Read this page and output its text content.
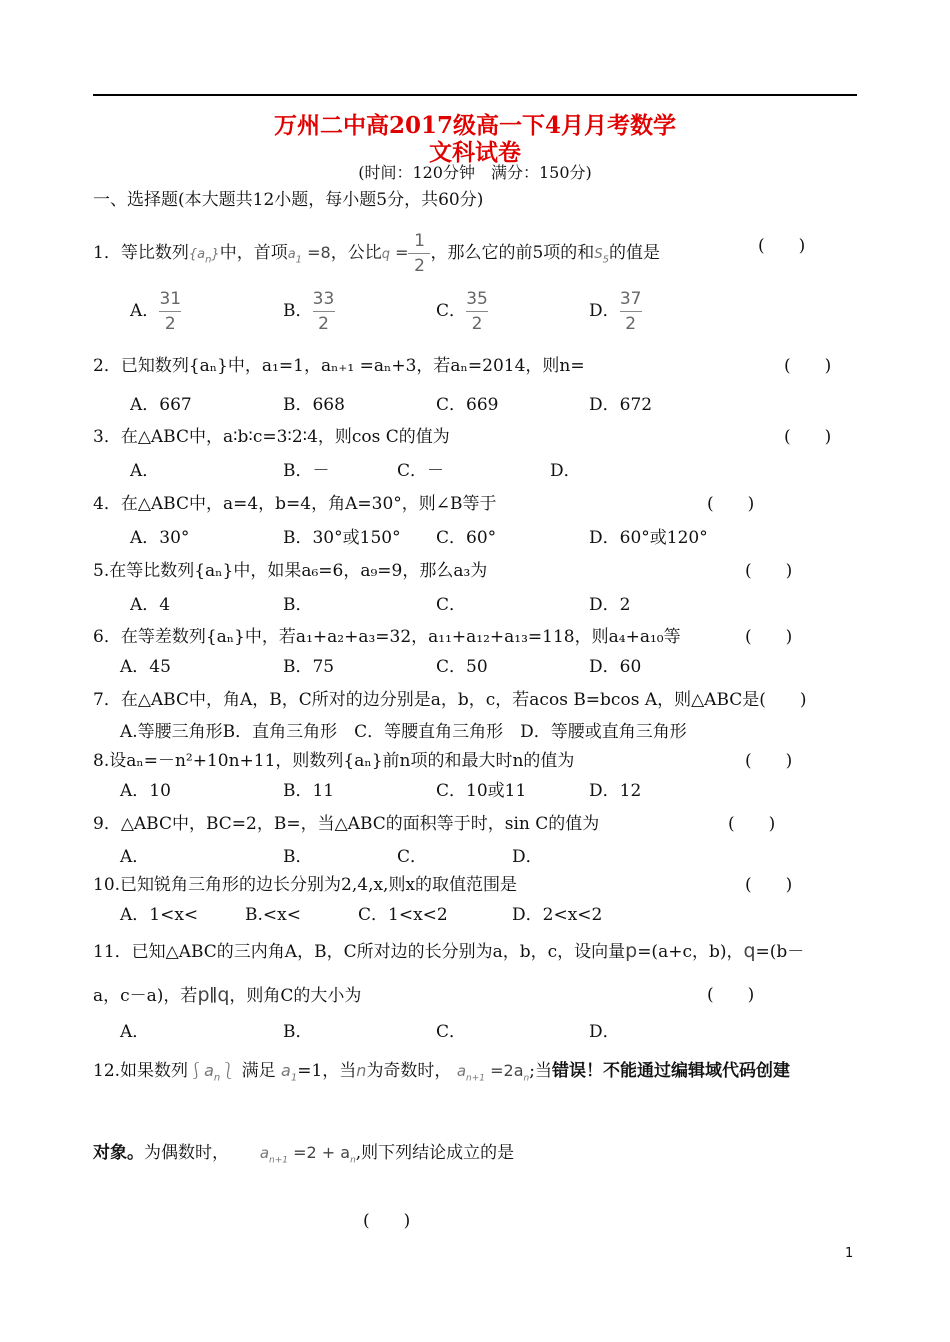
万州二中高2017级高一下4月月考数学
文科试卷
(时间：120分钟　满分：150分)
一、选择题(本大题共12小题，每小题5分，共60分)
1．等比数列$\{a_n\}$中，首项$a_1 =8$，公比$q = \frac{1}{2}$ ，那么它的前5项的和$S_5$的值是	(　　)
A． $\frac{31}{2}$	B． $\frac{33}{2}$	C． $\frac{35}{2}$	D． $\frac{37}{2}$
2．已知数列{aₙ}中，a₁=1，aₙ₊₁ =aₙ+3，若aₙ=2014，则n=	(　　)
A．667	B．668	C．669	D．672
3．在△ABC中，a∶b∶c=3∶2∶4，则cos C的值为	(　　)
A．	B．－	C．－	D．
4．在△ABC中，a=4，b=4，角A=30°，则∠B等于	(　　)
A．30°	B．30°或150° C．60°	D．60°或120°
5.在等比数列{aₙ}中，如果a₆=6，a₉=9，那么a₃为	(　　)
A．4	B．	C．	D．2
6．在等差数列{aₙ}中，若a₁+a₂+a₃=32，a₁₁+a₁₂+a₁₃=118，则a₄+a₁₀等	(　　)
A．45	B．75	C．50	D．60
7．在△ABC中，角A，B，C所对的边分别是a，b，c，若acos B=bcos A，则△ABC是(　　)
A.等腰三角形B．直角三角形　C．等腰直角三角形　D．等腰或直角三角形
8.设aₙ=－n²+10n+11，则数列{aₙ}前n项的和最大时n的值为	(　　)
A．10	B．11	C．10或11	D．12
9．△ABC中，BC=2，B=，当△ABC的面积等于时，sin C的值为	(　　)
A．	B．	C．	D．
10.已知锐角三角形的边长分别为2,4,x,则x的取值范围是	(　　)
A．1<x<	B.<x<	C．1<x<2	D．2<x<2
11．已知△ABC的三内角A，B，C所对边的长分别为a，b，c，设向量p=(a+c，b)，q=(b－
a，c－a)，若p∥q，则角C的大小为	(　　)
A．	B．	C．	D．
12.如果数列$⎰a_n⎱$ 满足 $a_1=1$，当n为奇数时， $a_{n+1} =2a_n$;当错误！不能通过编辑域代码创建
对象。为偶数时， $a_{n+1} =2 + a_n$,则下列结论成立的是
(　　)
1
